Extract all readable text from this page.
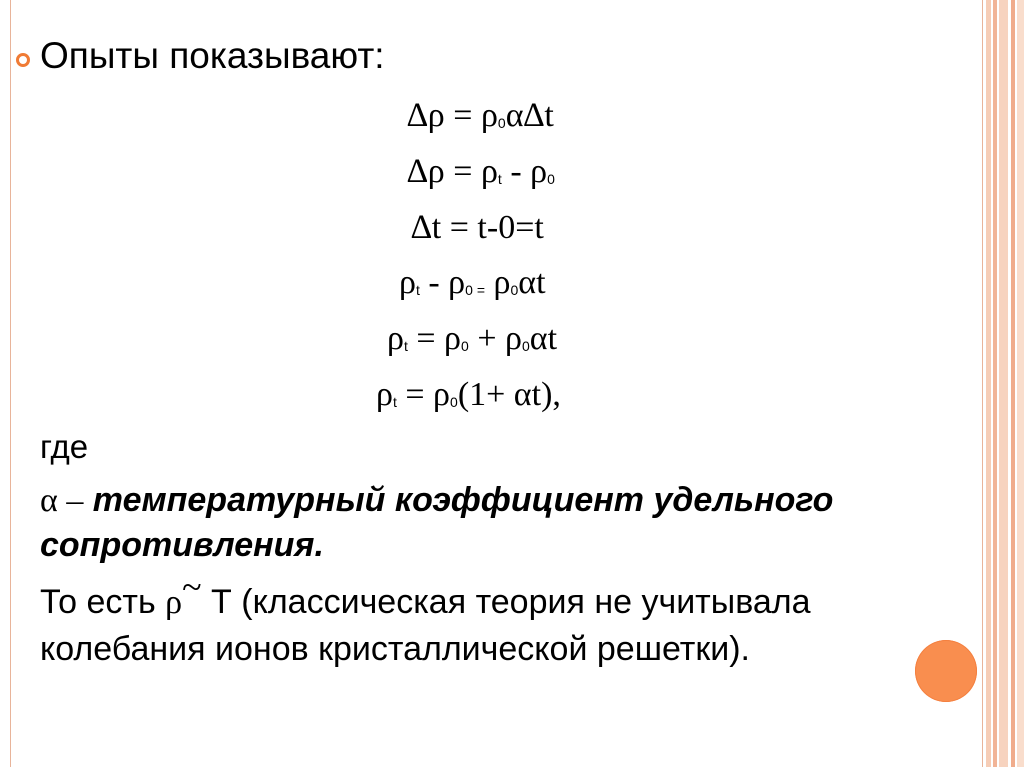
Опыты показывают:
$\Delta\rho = \rho_0\alpha\Delta t$
$\Delta\rho = \rho_t - \rho_0$
∆t = t-0=t
$\rho_t - \rho_{0 =}$ $\rho_0\alpha t$
$\rho_t = \rho_0 + \rho_0\alpha t$
$\rho_t = \rho_0(1+ \alpha t)$,
где
α – температурный коэффициент удельного сопротивления.
То есть ρ~ Т (классическая теория не учитывала колебания ионов кристаллической решетки).
